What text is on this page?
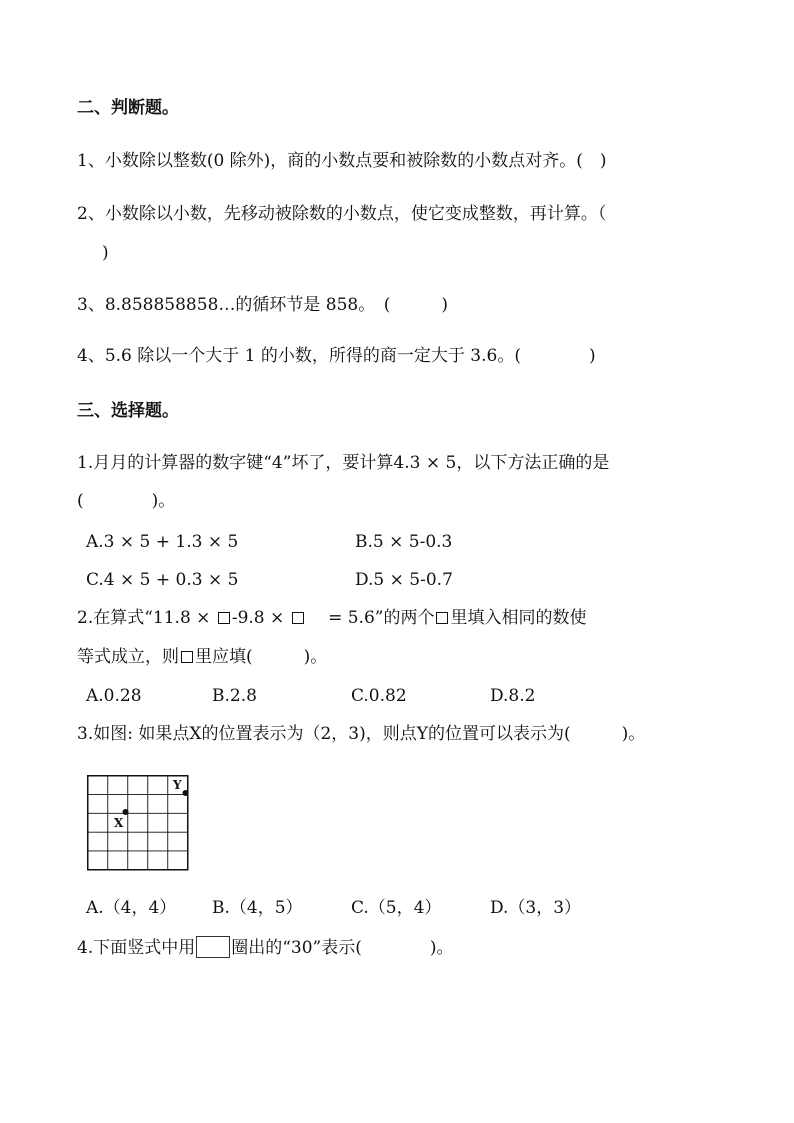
二、判断题。
1、小数除以整数(0 除外)，商的小数点要和被除数的小数点对齐。(　)
2、小数除以小数，先移动被除数的小数点，使它变成整数，再计算。（
)
3、8.858858858…的循环节是 858。　(　　　)
4、5.6 除以一个大于 1 的小数，所得的商一定大于 3.6。(　　　　)
三、选择题。
1.月月的计算器的数字键“4”坏了，要计算4.3 × 5，以下方法正确的是
(　　　　)。
A.3 × 5 + 1.3 × 5	B.5 × 5-0.3
C.4 × 5 + 0.3 × 5	D.5 × 5-0.7
2.在算式“11.8 × -9.8 × 　 = 5.6”的两个 里填入相同的数使
等式成立，则 里应填(　　　)。
A.0.28	B.2.8	C.0.82	D.8.2
3.如图: 如果点X的位置表示为（2，3)，则点Y的位置可以表示为(　　　)。
X
Y
A.（4，4） B.（4，5）	C.（5，4）	D.（3，3）
4.下面竖式中用 圈出的“30”表示(　　　　)。
